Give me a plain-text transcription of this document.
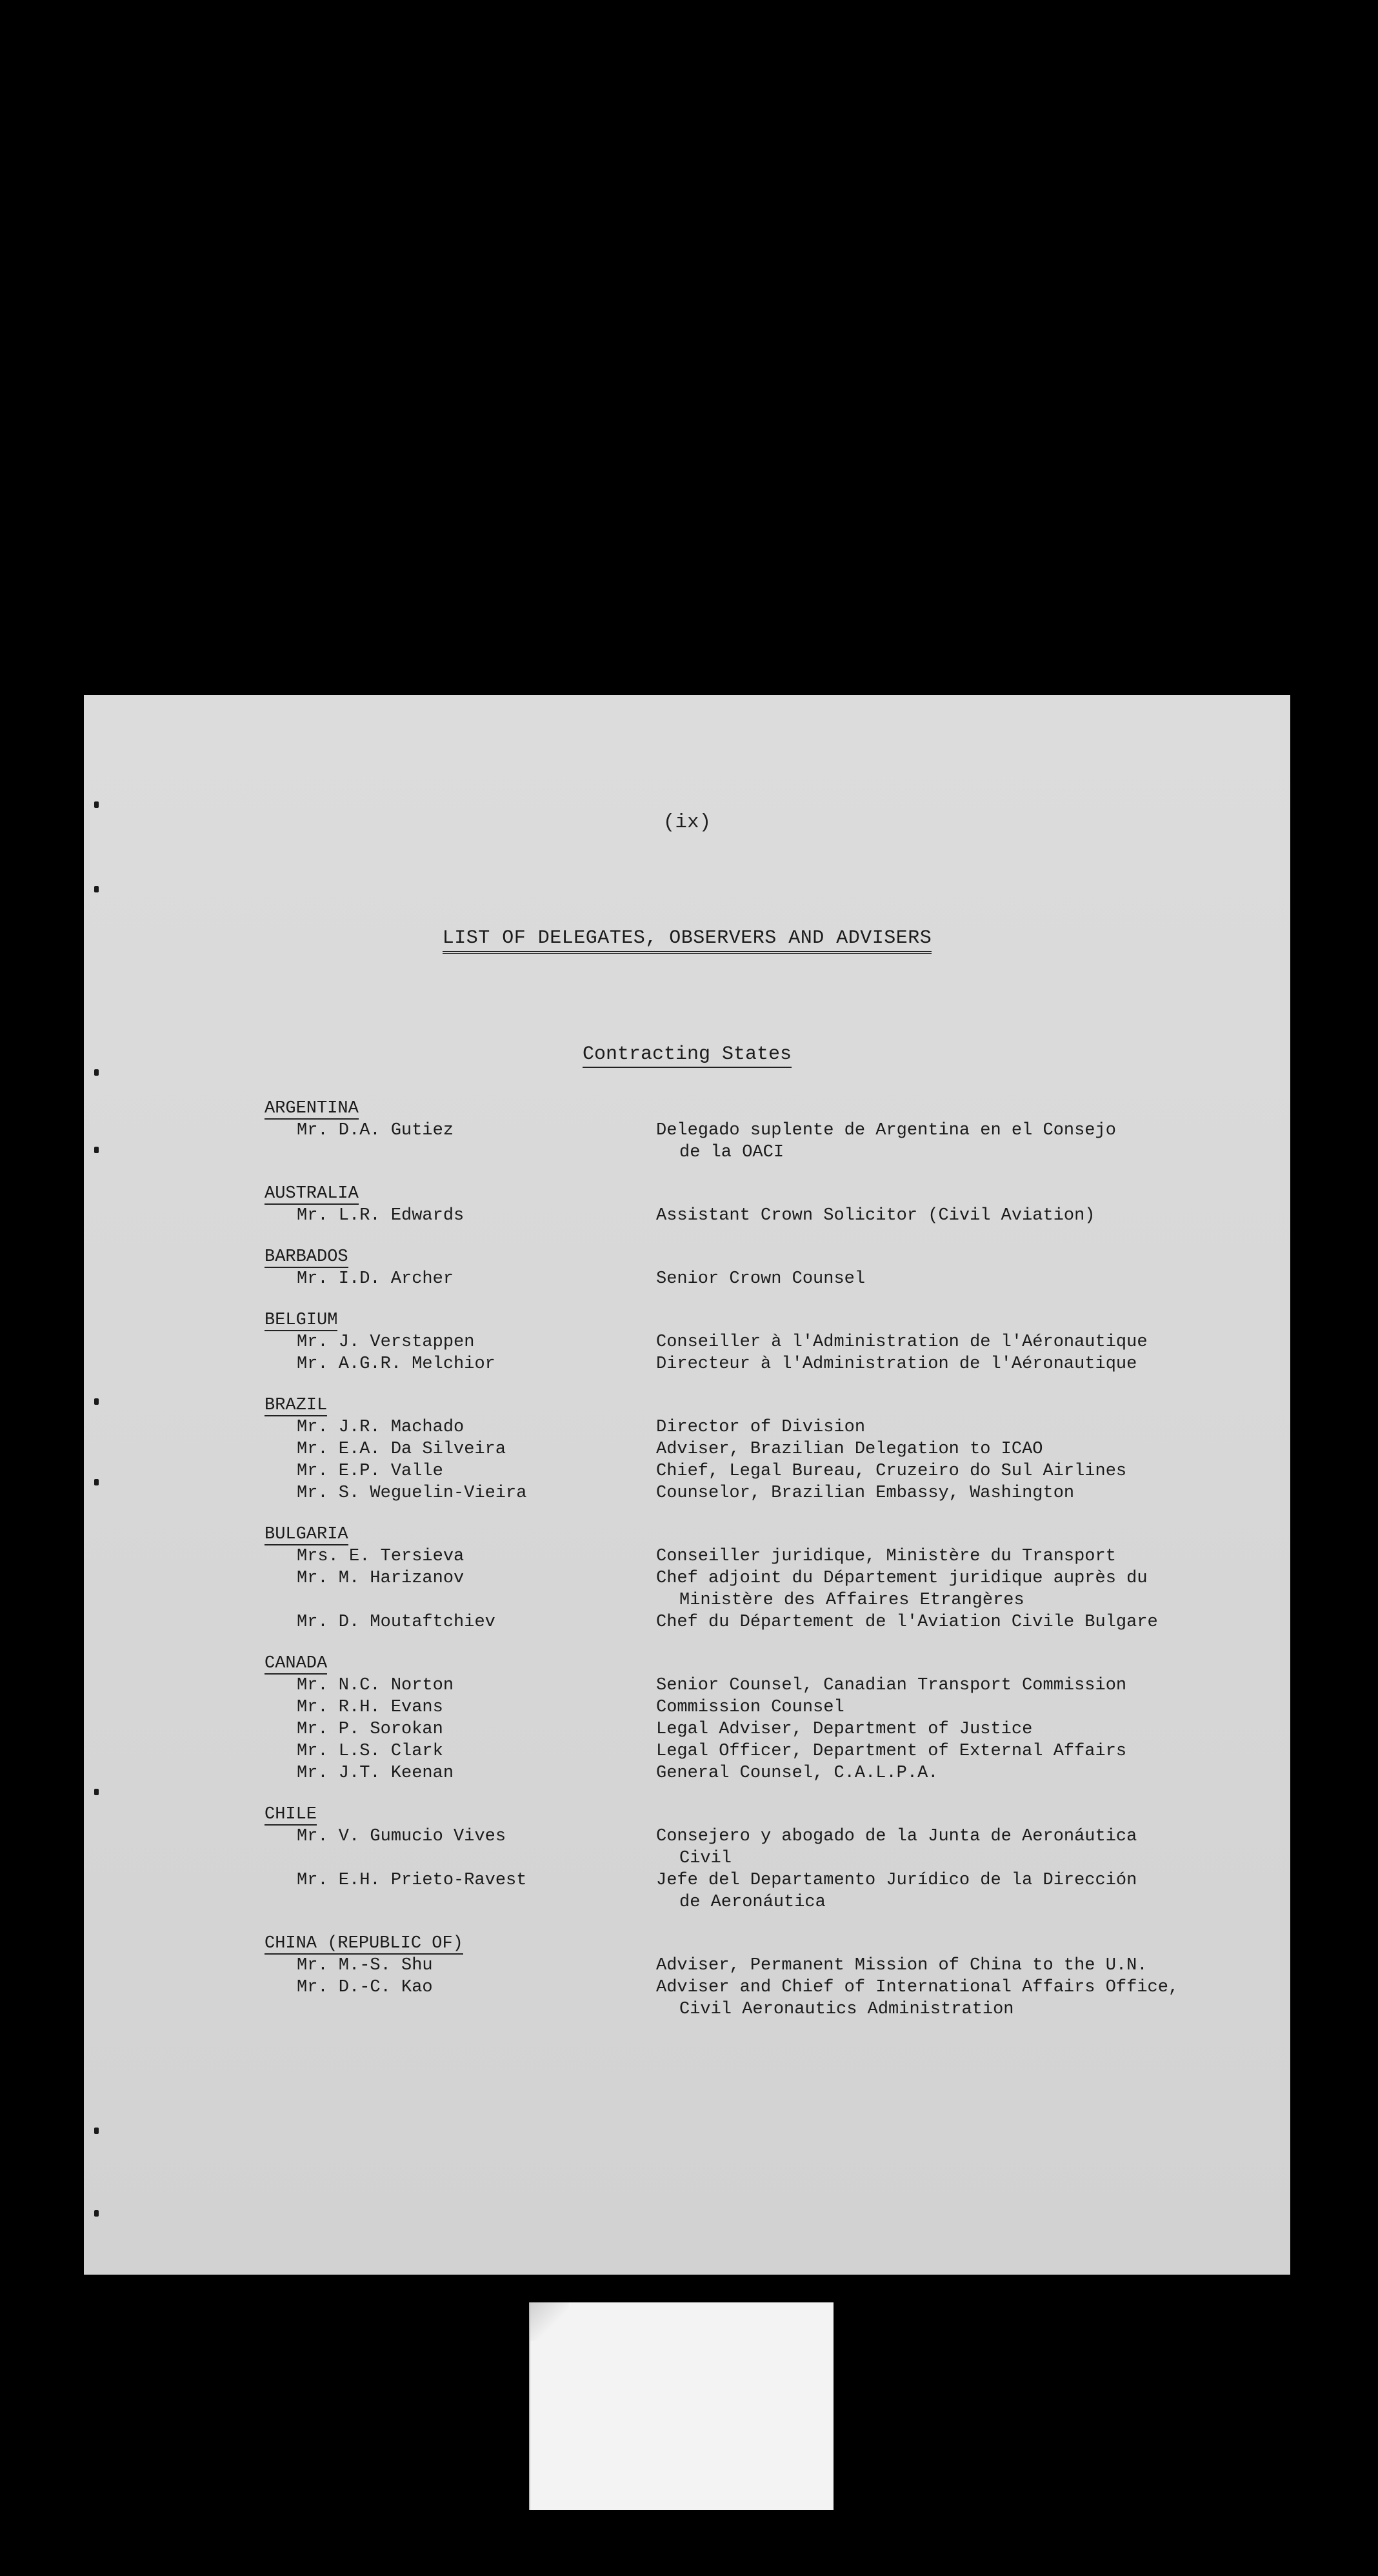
(ix)
LIST OF DELEGATES, OBSERVERS AND ADVISERS
Contracting States
ARGENTINA
Mr. D.A. Gutiez	Delegado suplente de Argentina en el Consejo
de la OACI
AUSTRALIA
Mr. L.R. Edwards	Assistant Crown Solicitor (Civil Aviation)
BARBADOS
Mr. I.D. Archer	Senior Crown Counsel
BELGIUM
Mr. J. Verstappen	Conseiller à l'Administration de l'Aéronautique
Mr. A.G.R. Melchior	Directeur à l'Administration de l'Aéronautique
BRAZIL
Mr. J.R. Machado	Director of Division
Mr. E.A. Da Silveira	Adviser, Brazilian Delegation to ICAO
Mr. E.P. Valle	Chief, Legal Bureau, Cruzeiro do Sul Airlines
Mr. S. Weguelin-Vieira	Counselor, Brazilian Embassy, Washington
BULGARIA
Mrs. E. Tersieva	Conseiller juridique, Ministère du Transport
Mr. M. Harizanov	Chef adjoint du Département juridique auprès du
Ministère des Affaires Etrangères
Mr. D. Moutaftchiev	Chef du Département de l'Aviation Civile Bulgare
CANADA
Mr. N.C. Norton	Senior Counsel, Canadian Transport Commission
Mr. R.H. Evans	Commission Counsel
Mr. P. Sorokan	Legal Adviser, Department of Justice
Mr. L.S. Clark	Legal Officer, Department of External Affairs
Mr. J.T. Keenan	General Counsel, C.A.L.P.A.
CHILE
Mr. V. Gumucio Vives	Consejero y abogado de la Junta de Aeronáutica
Civil
Mr. E.H. Prieto-Ravest	Jefe del Departamento Jurídico de la Dirección
de Aeronáutica
CHINA (REPUBLIC OF)
Mr. M.-S. Shu	Adviser, Permanent Mission of China to the U.N.
Mr. D.-C. Kao	Adviser and Chief of International Affairs Office,
Civil Aeronautics Administration
